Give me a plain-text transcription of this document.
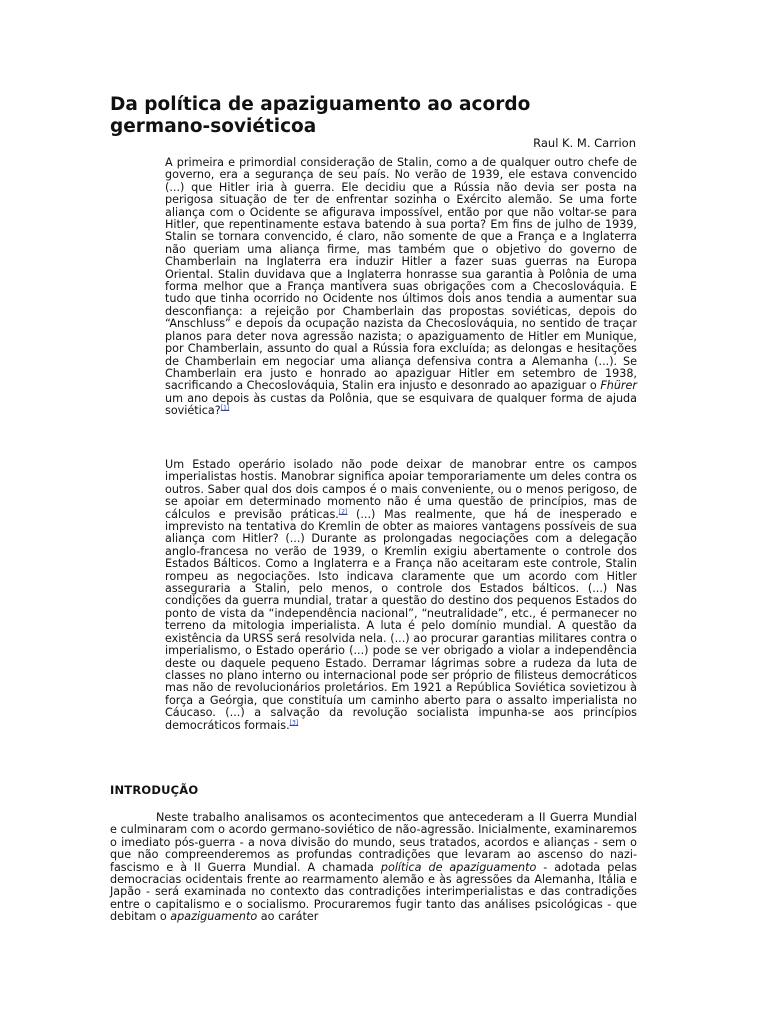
Da política de apaziguamento ao acordo germano-soviéticoa
Raul K. M. Carrion

A primeira e primordial consideração de Stalin, como a de qualquer outro chefe de governo, era a segurança de seu país. No verão de 1939, ele estava convencido (...) que Hitler iria à guerra. Ele decidiu que a Rússia não devia ser posta na perigosa situação de ter de enfrentar sozinha o Exército alemão. Se uma forte aliança com o Ocidente se afigurava impossível, então por que não voltar-se para Hitler, que repentinamente estava batendo à sua porta? Em fins de julho de 1939, Stalin se tornara convencido, é claro, não somente de que a França e a Inglaterra não queriam uma aliança firme, mas também que o objetivo do governo de Chamberlain na Inglaterra era induzir Hitler a fazer suas guerras na Europa Oriental. Stalin duvidava que a Inglaterra honrasse sua garantia à Polônia de uma forma melhor que a França mantivera suas obrigações com a Checoslováquia. E tudo que tinha ocorrido no Ocidente nos últimos dois anos tendia a aumentar sua desconfiança: a rejeição por Chamberlain das propostas soviéticas, depois do “Anschluss” e depois da ocupação nazista da Checoslováquia, no sentido de traçar planos para deter nova agressão nazista; o apaziguamento de Hitler em Munique, por Chamberlain, assunto do qual a Rússia fora excluída; as delongas e hesitações de Chamberlain em negociar uma aliança defensiva contra a Alemanha (...). Se Chamberlain era justo e honrado ao apaziguar Hitler em setembro de 1938, sacrificando a Checoslováquia, Stalin era injusto e desonrado ao apaziguar o Fhürer um ano depois às custas da Polônia, que se esquivara de qualquer forma de ajuda soviética?[1]

Um Estado operário isolado não pode deixar de manobrar entre os campos imperialistas hostis. Manobrar significa apoiar temporariamente um deles contra os outros. Saber qual dos dois campos é o mais conveniente, ou o menos perigoso, de se apoiar em determinado momento não é uma questão de princípios, mas de cálculos e previsão práticas.[2] (...) Mas realmente, que há de inesperado e imprevisto na tentativa do Kremlin de obter as maiores vantagens possíveis de sua aliança com Hitler? (...) Durante as prolongadas negociações com a delegação anglo-francesa no verão de 1939, o Kremlin exigiu abertamente o controle dos Estados Bálticos. Como a Inglaterra e a França não aceitaram este controle, Stalin rompeu as negociações. Isto indicava claramente que um acordo com Hitler asseguraria a Stalin, pelo menos, o controle dos Estados bálticos. (...) Nas condições da guerra mundial, tratar a questão do destino dos pequenos Estados do ponto de vista da “independência nacional”, “neutralidade”, etc., é permanecer no terreno da mitologia imperialista. A luta é pelo domínio mundial. A questão da existência da URSS será resolvida nela. (...) ao procurar garantias militares contra o imperialismo, o Estado operário (...) pode se ver obrigado a violar a independência deste ou daquele pequeno Estado. Derramar lágrimas sobre a rudeza da luta de classes no plano interno ou internacional pode ser próprio de filisteus democráticos mas não de revolucionários proletários. Em 1921 a República Soviética sovietizou à força a Geórgia, que constituía um caminho aberto para o assalto imperialista no Cáucaso. (...) a salvação da revolução socialista impunha-se aos princípios democráticos formais.[3]

INTRODUÇÃO

Neste trabalho analisamos os acontecimentos que antecederam a II Guerra Mundial e culminaram com o acordo germano-soviético de não-agressão. Inicialmente, examinaremos o imediato pós-guerra - a nova divisão do mundo, seus tratados, acordos e alianças - sem o que não compreenderemos as profundas contradições que levaram ao ascenso do nazi-fascismo e à II Guerra Mundial. A chamada política de apaziguamento - adotada pelas democracias ocidentais frente ao rearmamento alemão e às agressões da Alemanha, Itália e Japão - será examinada no contexto das contradições interimperialistas e das contradições entre o capitalismo e o socialismo. Procuraremos fugir tanto das análises psicológicas - que debitam o apaziguamento ao caráter
